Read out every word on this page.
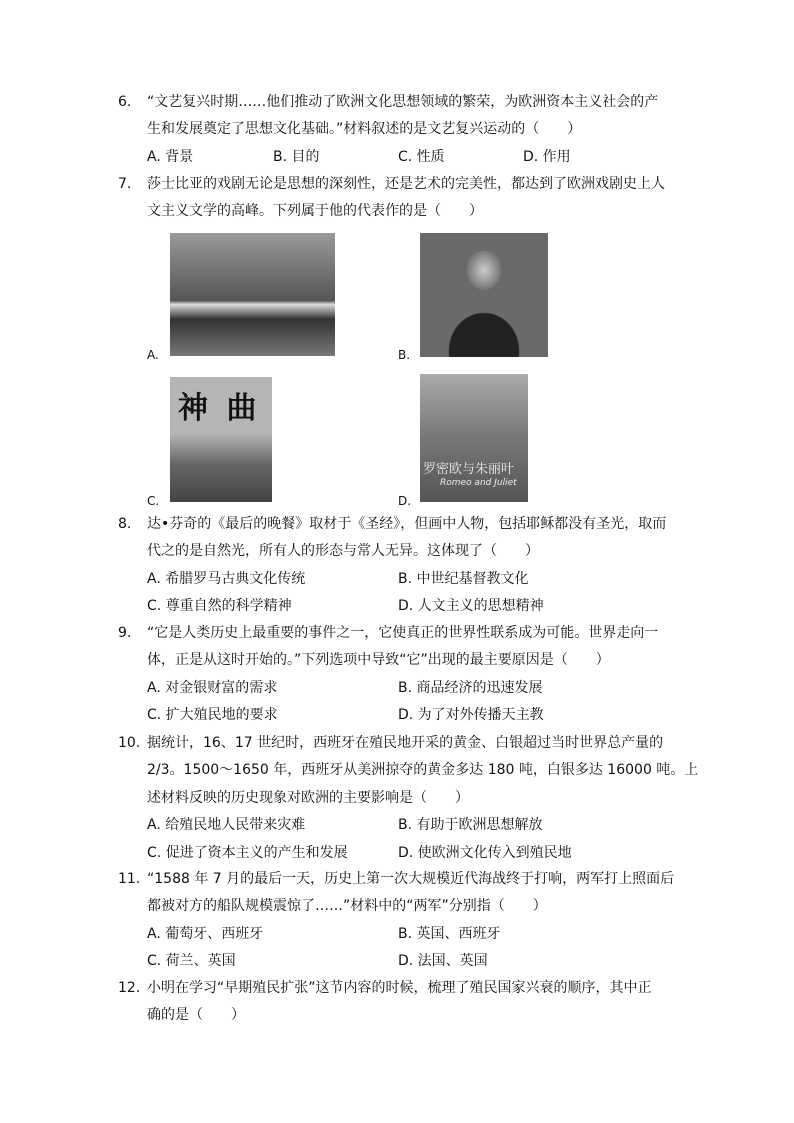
6. “文艺复兴时期……他们推动了欧洲文化思想领域的繁荣，为欧洲资本主义社会的产
生和发展奠定了思想文化基础。”材料叙述的是文艺复兴运动的（　　）
A. 背景	B. 目的	C. 性质	D. 作用
7. 莎士比亚的戏剧无论是思想的深刻性，还是艺术的完美性，都达到了欧洲戏剧史上人
文主义文学的高峰。下列属于他的代表作的是（　　）
A.	B.
C.
神 曲
D.
罗密欧与朱丽叶
Romeo and Juliet
8. 达•芬奇的《最后的晚餐》取材于《圣经》，但画中人物，包括耶稣都没有圣光，取而
代之的是自然光，所有人的形态与常人无异。这体现了（　　）
A. 希腊罗马古典文化传统	B. 中世纪基督教文化
C. 尊重自然的科学精神	D. 人文主义的思想精神
9. “它是人类历史上最重要的事件之一，它使真正的世界性联系成为可能。世界走向一
体，正是从这时开始的。”下列选项中导致“它”出现的最主要原因是（　　）
A. 对金银财富的需求	B. 商品经济的迅速发展
C. 扩大殖民地的要求	D. 为了对外传播天主教
10. 据统计，16、17 世纪时，西班牙在殖民地开采的黄金、白银超过当时世界总产量的
2/3。1500～1650 年，西班牙从美洲掠夺的黄金多达 180 吨，白银多达 16000 吨。上
述材料反映的历史现象对欧洲的主要影响是（　　）
A. 给殖民地人民带来灾难	B. 有助于欧洲思想解放
C. 促进了资本主义的产生和发展	D. 使欧洲文化传入到殖民地
11. “1588 年 7 月的最后一天，历史上第一次大规模近代海战终于打响，两军打上照面后
都被对方的船队规模震惊了……”材料中的“两军”分别指（　　）
A. 葡萄牙、西班牙	B. 英国、西班牙
C. 荷兰、英国	D. 法国、英国
12. 小明在学习“早期殖民扩张”这节内容的时候，梳理了殖民国家兴衰的顺序，其中正
确的是（　　）
